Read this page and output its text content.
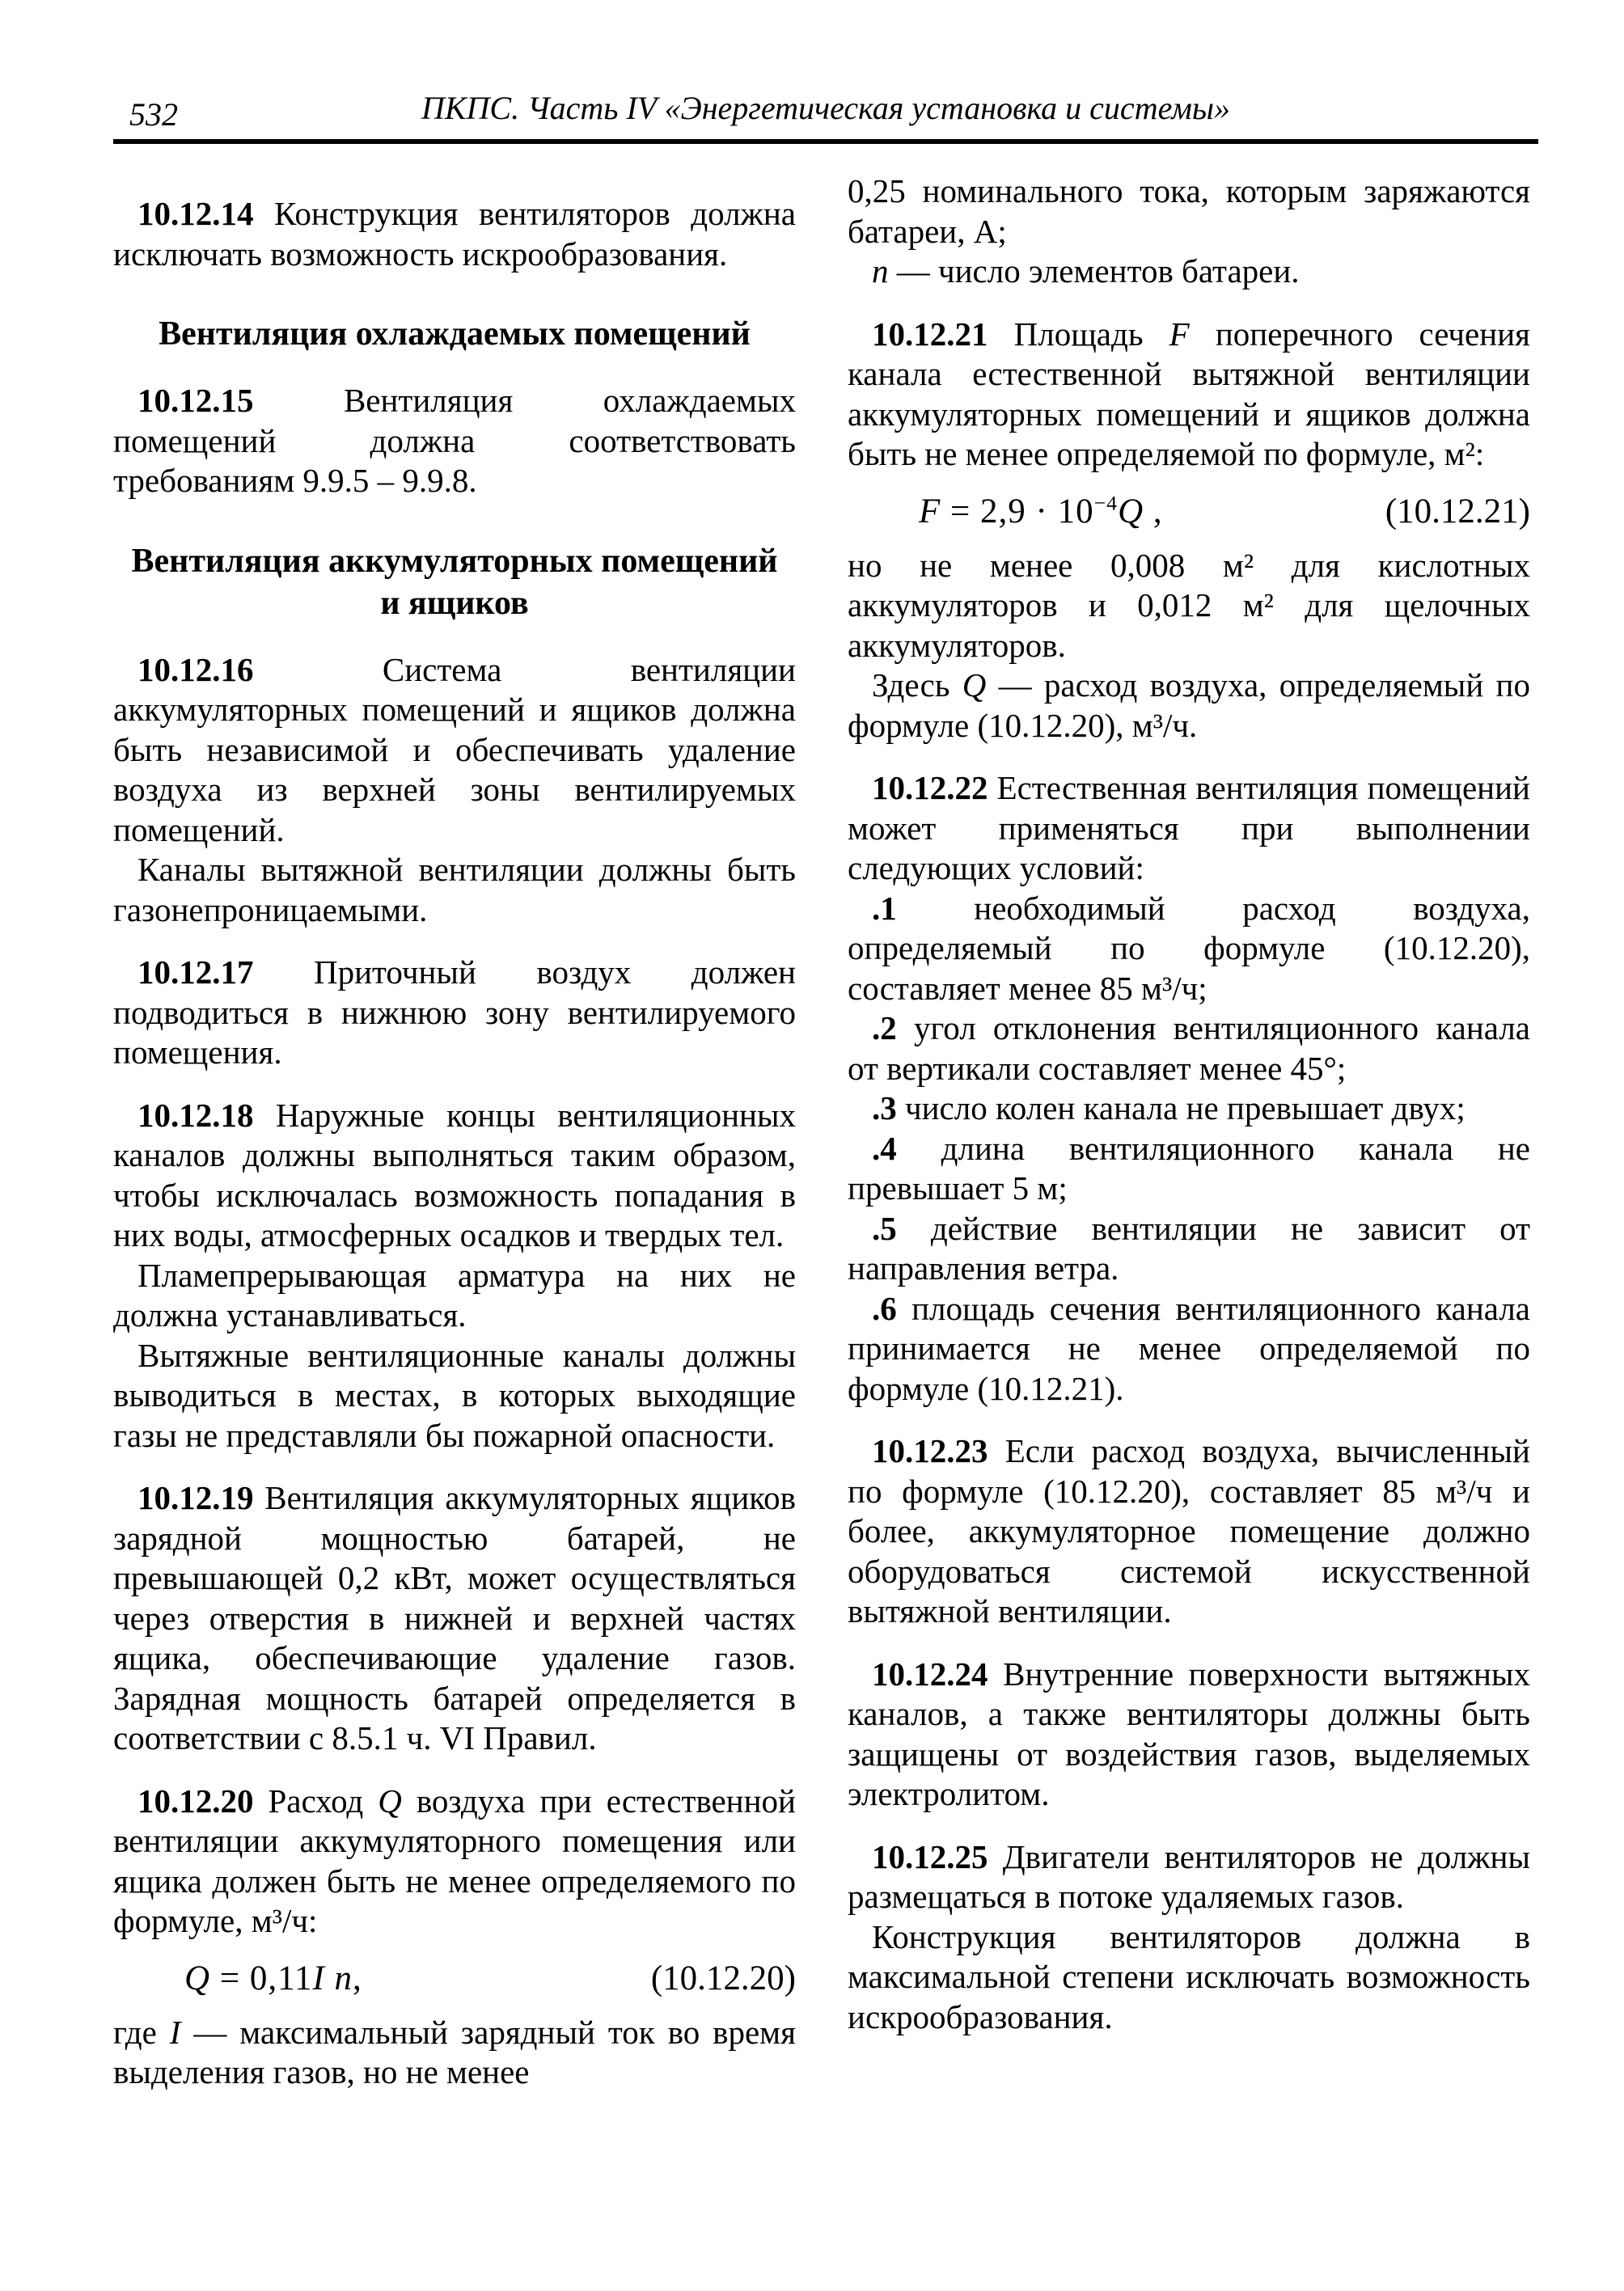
532	ПКПС. Часть IV «Энергетическая установка и системы»

10.12.14 Конструкция вентиляторов должна исключать возможность искрообразования.

Вентиляция охлаждаемых помещений

10.12.15 Вентиляция охлаждаемых помещений должна соответствовать требованиям 9.9.5 – 9.9.8.

Вентиляция аккумуляторных помещений и ящиков

10.12.16 Система вентиляции аккумуляторных помещений и ящиков должна быть независимой и обеспечивать удаление воздуха из верхней зоны вентилируемых помещений.

Каналы вытяжной вентиляции должны быть газонепроницаемыми.

10.12.17 Приточный воздух должен подводиться в нижнюю зону вентилируемого помещения.

10.12.18 Наружные концы вентиляционных каналов должны выполняться таким образом, чтобы исключалась возможность попадания в них воды, атмосферных осадков и твердых тел.

Пламепрерывающая арматура на них не должна устанавливаться.

Вытяжные вентиляционные каналы должны выводиться в местах, в которых выходящие газы не представляли бы пожарной опасности.

10.12.19 Вентиляция аккумуляторных ящиков зарядной мощностью батарей, не превышающей 0,2 кВт, может осуществляться через отверстия в нижней и верхней частях ящика, обеспечивающие удаление газов. Зарядная мощность батарей определяется в соответствии с 8.5.1 ч. VI Правил.

10.12.20 Расход Q воздуха при естественной вентиляции аккумуляторного помещения или ящика должен быть не менее определяемого по формуле, м³/ч:

Q = 0,11I n,	(10.12.20)

где I — максимальный зарядный ток во время выделения газов, но не менее

0,25 номинального тока, которым заряжаются батареи, А;

n — число элементов батареи.

10.12.21 Площадь F поперечного сечения канала естественной вытяжной вентиляции аккумуляторных помещений и ящиков должна быть не менее определяемой по формуле, м²:

$F = 2,9 \cdot 10^{-4}Q$ ,	(10.12.21)

но не менее 0,008 м² для кислотных аккумуляторов и 0,012 м² для щелочных аккумуляторов.

Здесь Q — расход воздуха, определяемый по формуле (10.12.20), м³/ч.

10.12.22 Естественная вентиляция помещений может применяться при выполнении следующих условий:

.1 необходимый расход воздуха, определяемый по формуле (10.12.20), составляет менее 85 м³/ч;

.2 угол отклонения вентиляционного канала от вертикали составляет менее 45°;

.3 число колен канала не превышает двух;

.4 длина вентиляционного канала не превышает 5 м;

.5 действие вентиляции не зависит от направления ветра.

.6 площадь сечения вентиляционного канала принимается не менее определяемой по формуле (10.12.21).

10.12.23 Если расход воздуха, вычисленный по формуле (10.12.20), составляет 85 м³/ч и более, аккумуляторное помещение должно оборудоваться системой искусственной вытяжной вентиляции.

10.12.24 Внутренние поверхности вытяжных каналов, а также вентиляторы должны быть защищены от воздействия газов, выделяемых электролитом.

10.12.25 Двигатели вентиляторов не должны размещаться в потоке удаляемых газов.

Конструкция вентиляторов должна в максимальной степени исключать возможность искрообразования.
